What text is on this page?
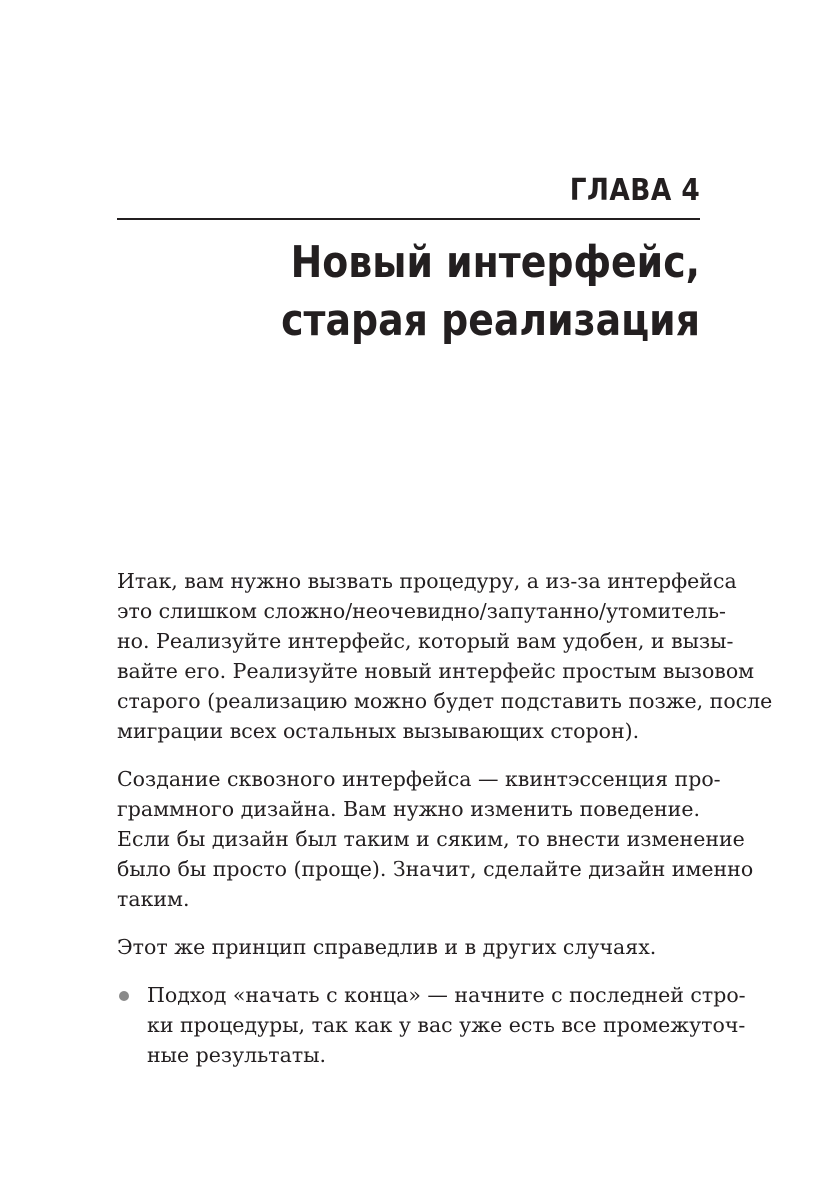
ГЛАВА 4
Новый интерфейс,
старая реализация
Итак, вам нужно вызвать процедуру, а из-за интерфейса
это слишком сложно/неочевидно/запутанно/утомитель-
но. Реализуйте интерфейс, который вам удобен, и вызы-
вайте его. Реализуйте новый интерфейс простым вызовом
старого (реализацию можно будет подставить позже, после
миграции всех остальных вызывающих сторон).
Создание сквозного интерфейса — квинтэссенция про-
граммного дизайна. Вам нужно изменить поведение.
Если бы дизайн был таким и сяким, то внести изменение
было бы просто (проще). Значит, сделайте дизайн именно
таким.
Этот же принцип справедлив и в других случаях.
Подход «начать с конца» — начните с последней стро-
ки процедуры, так как у вас уже есть все промежуточ-
ные результаты.
